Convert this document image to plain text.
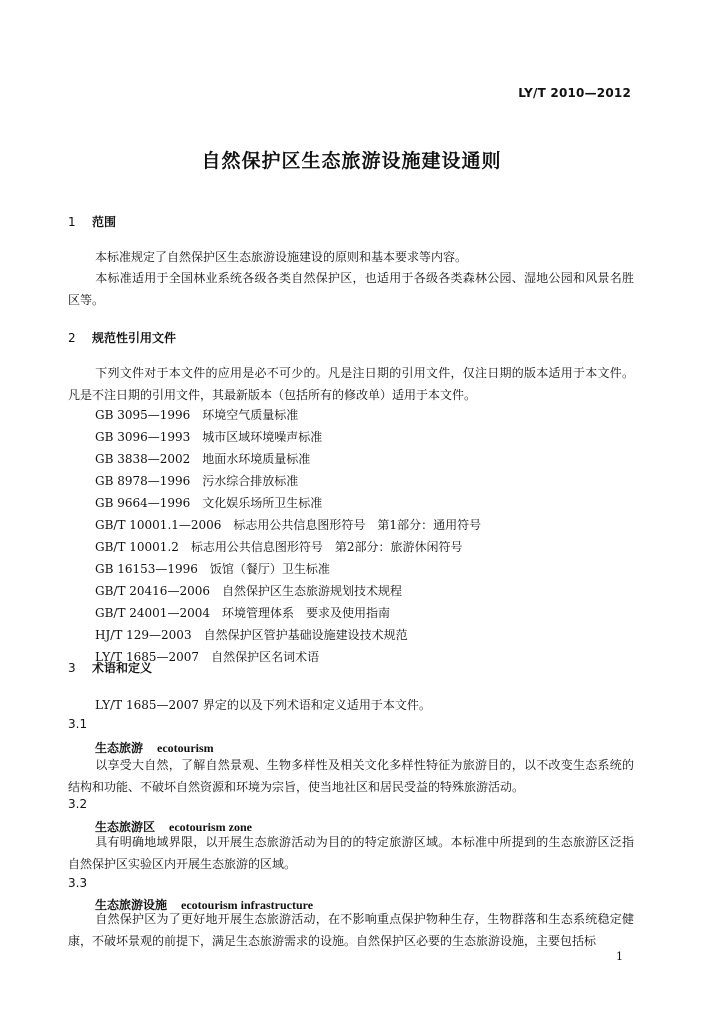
LY/T 2010—2012
自然保护区生态旅游设施建设通则
1 范围
本标准规定了自然保护区生态旅游设施建设的原则和基本要求等内容。
本标准适用于全国林业系统各级各类自然保护区，也适用于各级各类森林公园、湿地公园和风景名胜区等。
2 规范性引用文件
下列文件对于本文件的应用是必不可少的。凡是注日期的引用文件，仅注日期的版本适用于本文件。凡是不注日期的引用文件，其最新版本（包括所有的修改单）适用于本文件。
GB 3095—1996　环境空气质量标准
GB 3096—1993　城市区域环境噪声标准
GB 3838—2002　地面水环境质量标准
GB 8978—1996　污水综合排放标准
GB 9664—1996　文化娱乐场所卫生标准
GB/T 10001.1—2006　标志用公共信息图形符号　第1部分：通用符号
GB/T 10001.2　标志用公共信息图形符号　第2部分：旅游休闲符号
GB 16153—1996　饭馆（餐厅）卫生标准
GB/T 20416—2006　自然保护区生态旅游规划技术规程
GB/T 24001—2004　环境管理体系　要求及使用指南
HJ/T 129—2003　自然保护区管护基础设施建设技术规范
LY/T 1685—2007　自然保护区名词术语
3 术语和定义
LY/T 1685—2007 界定的以及下列术语和定义适用于本文件。
3.1
生态旅游 ecotourism
以享受大自然，了解自然景观、生物多样性及相关文化多样性特征为旅游目的，以不改变生态系统的结构和功能、不破坏自然资源和环境为宗旨，使当地社区和居民受益的特殊旅游活动。
3.2
生态旅游区 ecotourism zone
具有明确地域界限，以开展生态旅游活动为目的的特定旅游区域。本标准中所提到的生态旅游区泛指自然保护区实验区内开展生态旅游的区域。
3.3
生态旅游设施 ecotourism infrastructure
自然保护区为了更好地开展生态旅游活动，在不影响重点保护物种生存，生物群落和生态系统稳定健康，不破坏景观的前提下，满足生态旅游需求的设施。自然保护区必要的生态旅游设施，主要包括标
1
